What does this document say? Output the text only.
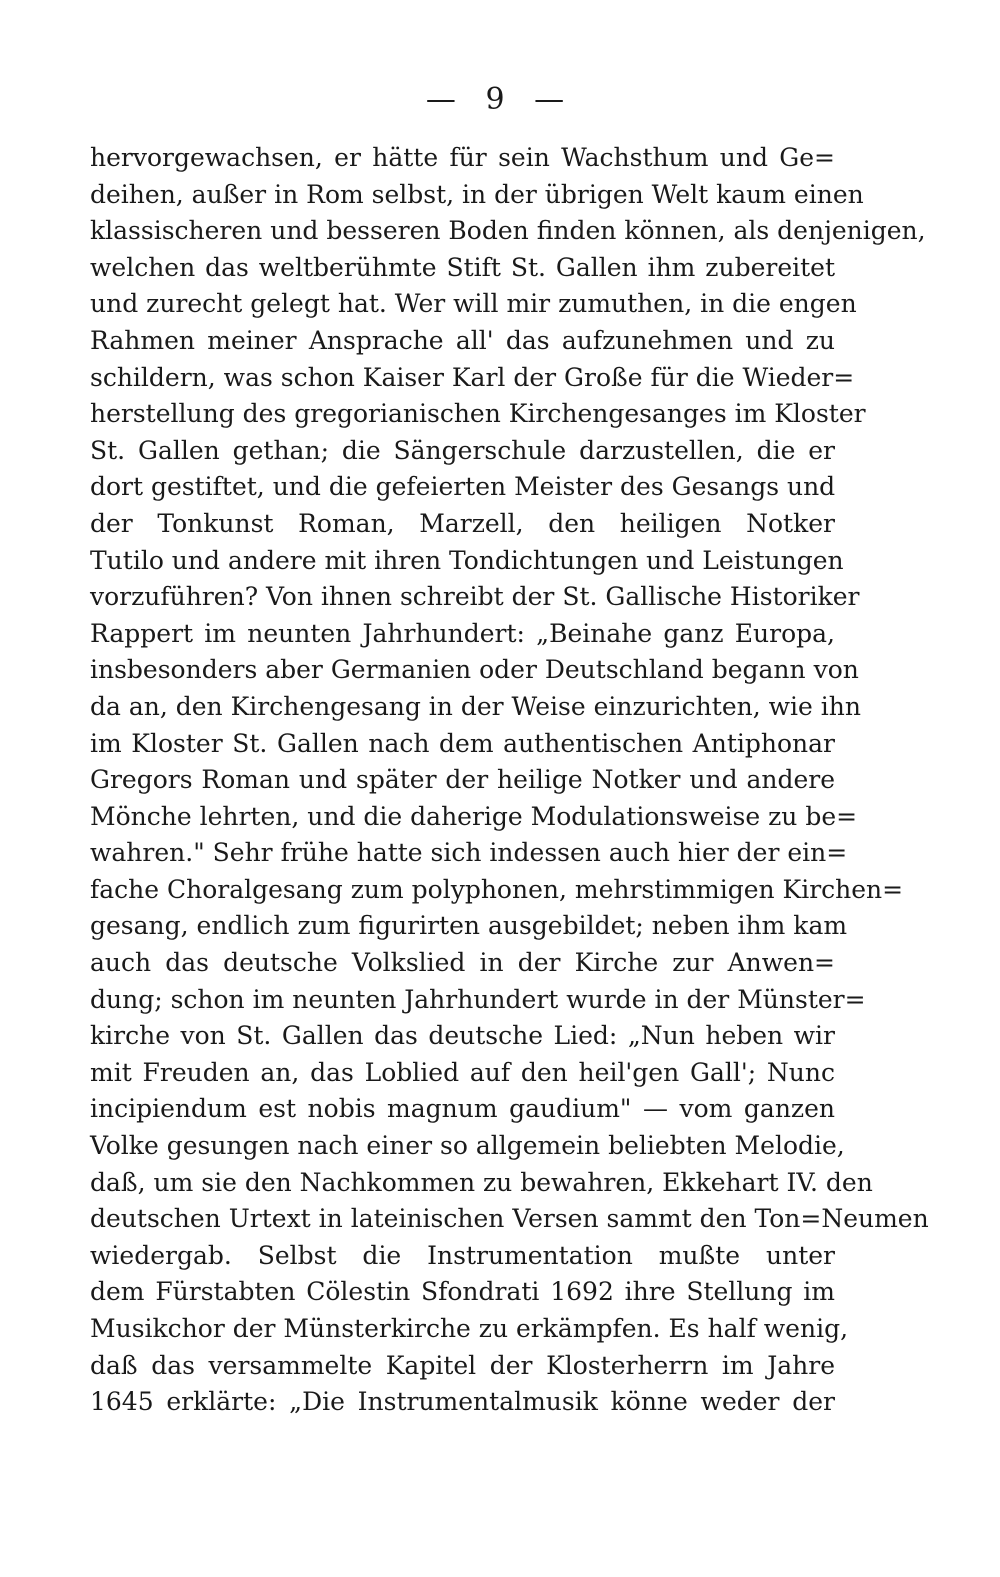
— 9 —
hervorgewachsen, er hätte für sein Wachsthum und Ge=
deihen, außer in Rom selbst, in der übrigen Welt kaum einen
klassischeren und besseren Boden finden können, als denjenigen,
welchen das weltberühmte Stift St. Gallen ihm zubereitet
und zurecht gelegt hat. Wer will mir zumuthen, in die engen
Rahmen meiner Ansprache all' das aufzunehmen und zu
schildern, was schon Kaiser Karl der Große für die Wieder=
herstellung des gregorianischen Kirchengesanges im Kloster
St. Gallen gethan; die Sängerschule darzustellen, die er
dort gestiftet, und die gefeierten Meister des Gesangs und
der Tonkunst Roman, Marzell, den heiligen Notker
Tutilo und andere mit ihren Tondichtungen und Leistungen
vorzuführen? Von ihnen schreibt der St. Gallische Historiker
Rappert im neunten Jahrhundert: „Beinahe ganz Europa,
insbesonders aber Germanien oder Deutschland begann von
da an, den Kirchengesang in der Weise einzurichten, wie ihn
im Kloster St. Gallen nach dem authentischen Antiphonar
Gregors Roman und später der heilige Notker und andere
Mönche lehrten, und die daherige Modulationsweise zu be=
wahren." Sehr frühe hatte sich indessen auch hier der ein=
fache Choralgesang zum polyphonen, mehrstimmigen Kirchen=
gesang, endlich zum figurirten ausgebildet; neben ihm kam
auch das deutsche Volkslied in der Kirche zur Anwen=
dung; schon im neunten Jahrhundert wurde in der Münster=
kirche von St. Gallen das deutsche Lied: „Nun heben wir
mit Freuden an, das Loblied auf den heil'gen Gall'; Nunc
incipiendum est nobis magnum gaudium" — vom ganzen
Volke gesungen nach einer so allgemein beliebten Melodie,
daß, um sie den Nachkommen zu bewahren, Ekkehart IV. den
deutschen Urtext in lateinischen Versen sammt den Ton=Neumen
wiedergab. Selbst die Instrumentation mußte unter
dem Fürstabten Cölestin Sfondrati 1692 ihre Stellung im
Musikchor der Münsterkirche zu erkämpfen. Es half wenig,
daß das versammelte Kapitel der Klosterherrn im Jahre
1645 erklärte: „Die Instrumentalmusik könne weder der
